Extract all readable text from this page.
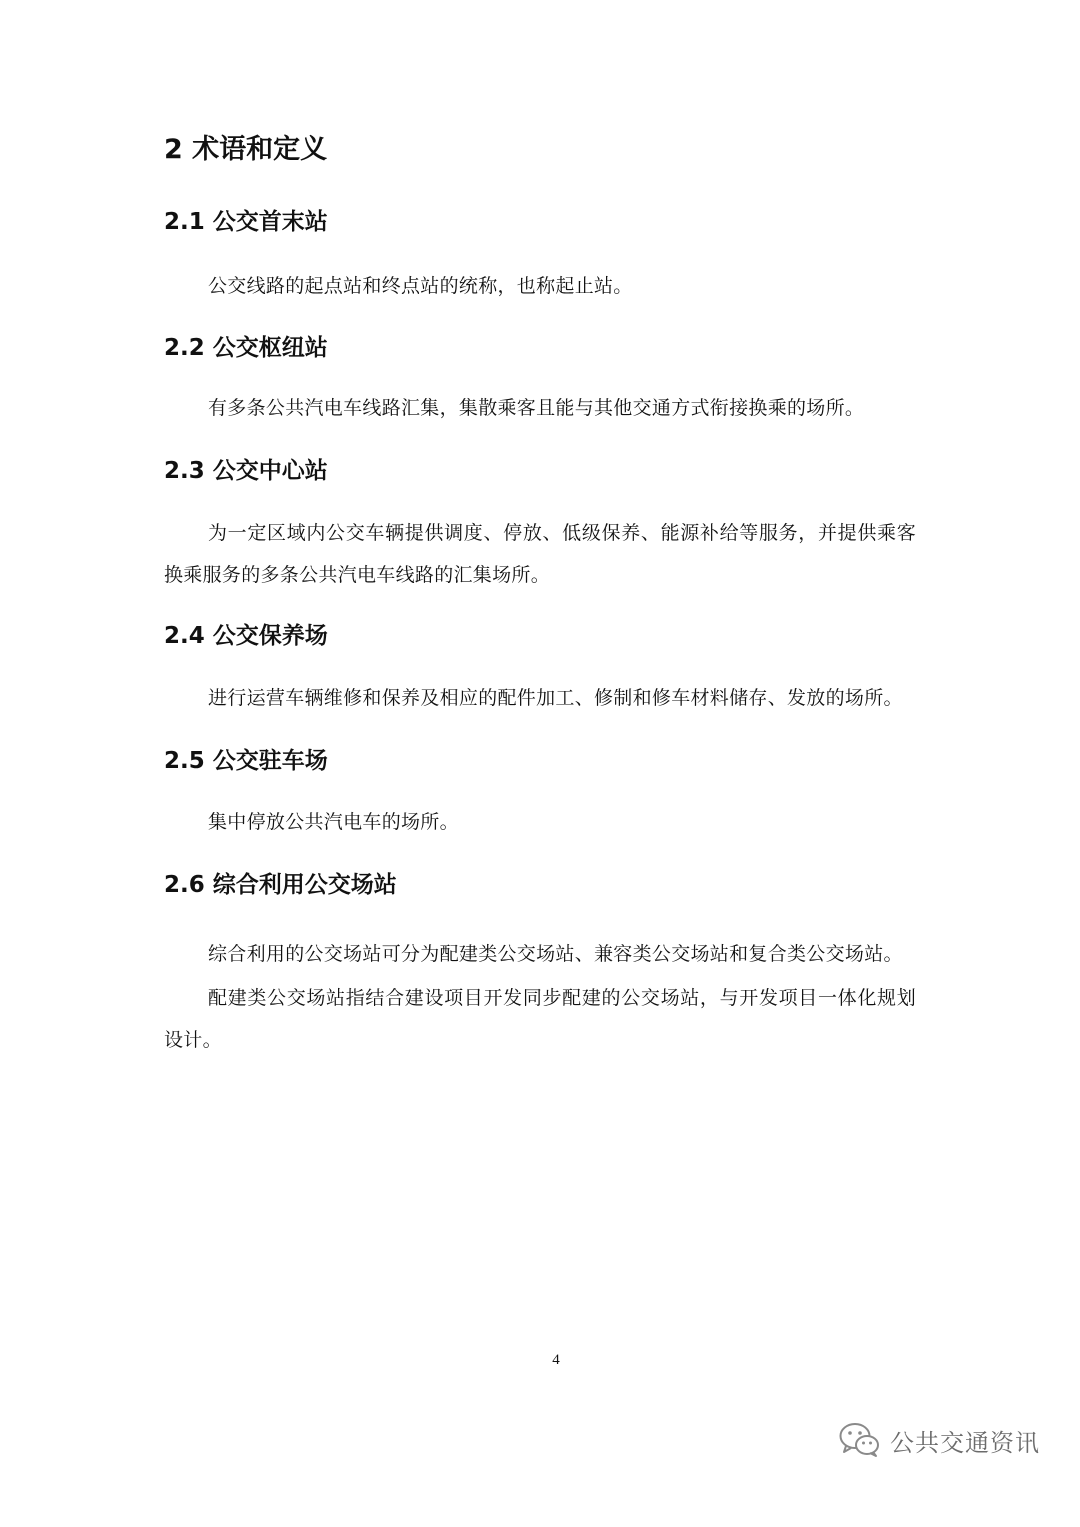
2 术语和定义
2.1 公交首末站

公交线路的起点站和终点站的统称，也称起止站。

2.2 公交枢纽站

有多条公共汽电车线路汇集，集散乘客且能与其他交通方式衔接换乘的场所。

2.3 公交中心站

为一定区域内公交车辆提供调度、停放、低级保养、能源补给等服务，并提供乘客换乘服务的多条公共汽电车线路的汇集场所。

2.4 公交保养场

进行运营车辆维修和保养及相应的配件加工、修制和修车材料储存、发放的场所。

2.5 公交驻车场

集中停放公共汽电车的场所。

2.6 综合利用公交场站

综合利用的公交场站可分为配建类公交场站、兼容类公交场站和复合类公交场站。

配建类公交场站指结合建设项目开发同步配建的公交场站，与开发项目一体化规划设计。

4
公共交通资讯
